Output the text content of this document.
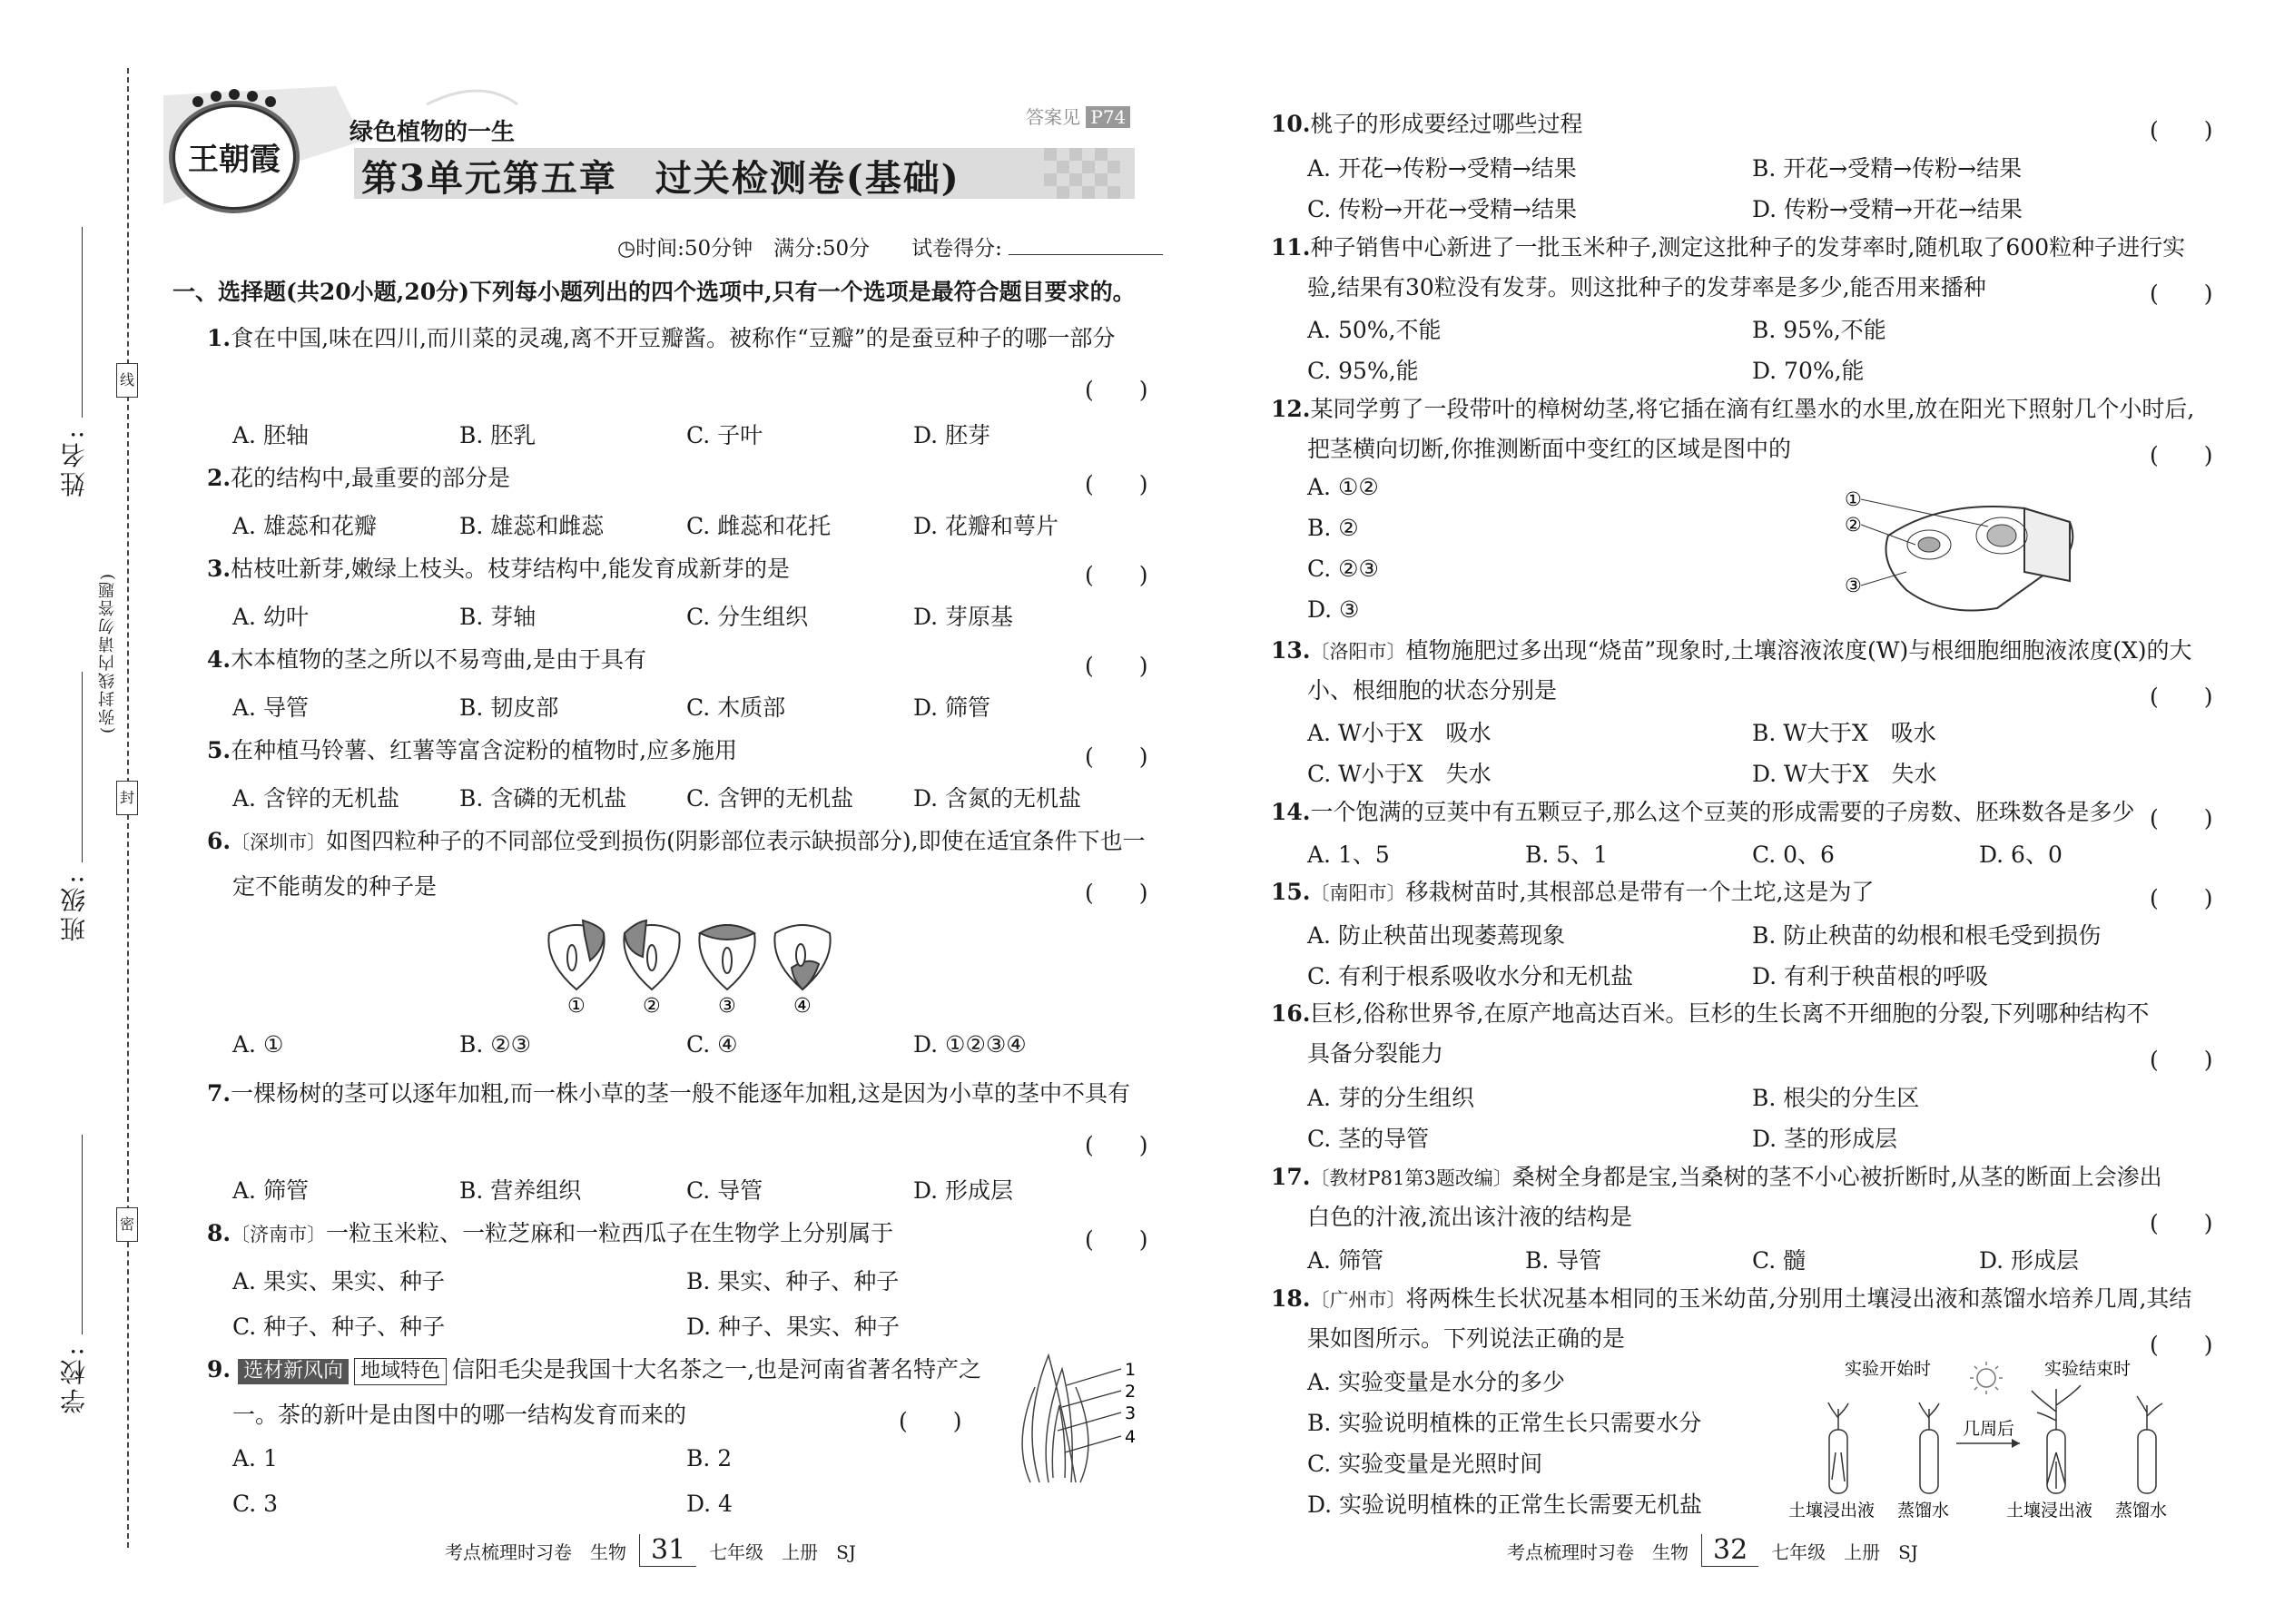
姓名:
班级:
学校:
(弥封线内请勿答题)
线
封
密
王朝霞
绿色植物的一生
第3单元第五章　过关检测卷(基础)
答案见 P74
◷时间:50分钟　满分:50分　　试卷得分:
一、选择题(共20小题,20分)下列每小题列出的四个选项中,只有一个选项是最符合题目要求的。
1.食在中国,味在四川,而川菜的灵魂,离不开豆瓣酱。被称作“豆瓣”的是蚕豆种子的哪一部分
(　　)
A. 胚轴	B. 胚乳	C. 子叶	D. 胚芽
2.花的结构中,最重要的部分是	(　　)
A. 雄蕊和花瓣	B. 雄蕊和雌蕊	C. 雌蕊和花托	D. 花瓣和萼片
3.枯枝吐新芽,嫩绿上枝头。枝芽结构中,能发育成新芽的是	(　　)
A. 幼叶	B. 芽轴	C. 分生组织	D. 芽原基
4.木本植物的茎之所以不易弯曲,是由于具有	(　　)
A. 导管	B. 韧皮部	C. 木质部	D. 筛管
5.在种植马铃薯、红薯等富含淀粉的植物时,应多施用	(　　)
A. 含锌的无机盐	B. 含磷的无机盐	C. 含钾的无机盐	D. 含氮的无机盐
6.〔深圳市〕如图四粒种子的不同部位受到损伤(阴影部位表示缺损部分),即使在适宜条件下也一
定不能萌发的种子是	(　　)
①	②	③	④
A. ①	B. ②③	C. ④	D. ①②③④
7.一棵杨树的茎可以逐年加粗,而一株小草的茎一般不能逐年加粗,这是因为小草的茎中不具有
(　　)
A. 筛管	B. 营养组织	C. 导管	D. 形成层
8.〔济南市〕一粒玉米粒、一粒芝麻和一粒西瓜子在生物学上分别属于	(　　)
A. 果实、果实、种子	B. 果实、种子、种子
C. 种子、种子、种子	D. 种子、果实、种子
9. 选材新风向 地域特色 信阳毛尖是我国十大名茶之一,也是河南省著名特产之
一。茶的新叶是由图中的哪一结构发育而来的	(　　)
1
2
3
4
A. 1	B. 2
C. 3	D. 4
考点梳理时习卷　生物 31	七年级　上册　SJ
10.桃子的形成要经过哪些过程	(　　)
A. 开花→传粉→受精→结果	B. 开花→受精→传粉→结果
C. 传粉→开花→受精→结果	D. 传粉→受精→开花→结果
11.种子销售中心新进了一批玉米种子,测定这批种子的发芽率时,随机取了600粒种子进行实
验,结果有30粒没有发芽。则这批种子的发芽率是多少,能否用来播种	(　　)
A. 50%,不能	B. 95%,不能
C. 95%,能	D. 70%,能
12.某同学剪了一段带叶的樟树幼茎,将它插在滴有红墨水的水里,放在阳光下照射几个小时后,
把茎横向切断,你推测断面中变红的区域是图中的	(　　)
A. ①②
B. ②
C. ②③
D. ③
①
②
③
13.〔洛阳市〕植物施肥过多出现“烧苗”现象时,土壤溶液浓度(W)与根细胞细胞液浓度(X)的大
小、根细胞的状态分别是	(　　)
A. W小于X　吸水	B. W大于X　吸水
C. W小于X　失水	D. W大于X　失水
14.一个饱满的豆荚中有五颗豆子,那么这个豆荚的形成需要的子房数、胚珠数各是多少 (　　)
A. 1、5	B. 5、1	C. 0、6	D. 6、0
15.〔南阳市〕移栽树苗时,其根部总是带有一个土坨,这是为了	(　　)
A. 防止秧苗出现萎蔫现象	B. 防止秧苗的幼根和根毛受到损伤
C. 有利于根系吸收水分和无机盐	D. 有利于秧苗根的呼吸
16.巨杉,俗称世界爷,在原产地高达百米。巨杉的生长离不开细胞的分裂,下列哪种结构不
具备分裂能力	(　　)
A. 芽的分生组织	B. 根尖的分生区
C. 茎的导管	D. 茎的形成层
17.〔教材P81第3题改编〕桑树全身都是宝,当桑树的茎不小心被折断时,从茎的断面上会渗出
白色的汁液,流出该汁液的结构是	(　　)
A. 筛管	B. 导管	C. 髓	D. 形成层
18.〔广州市〕将两株生长状况基本相同的玉米幼苗,分别用土壤浸出液和蒸馏水培养几周,其结
果如图所示。下列说法正确的是	(　　)
A. 实验变量是水分的多少
B. 实验说明植株的正常生长只需要水分
C. 实验变量是光照时间
D. 实验说明植株的正常生长需要无机盐
实验开始时	实验结束时
几周后
土壤浸出液 蒸馏水	土壤浸出液 蒸馏水
考点梳理时习卷　生物 32	七年级　上册　SJ
